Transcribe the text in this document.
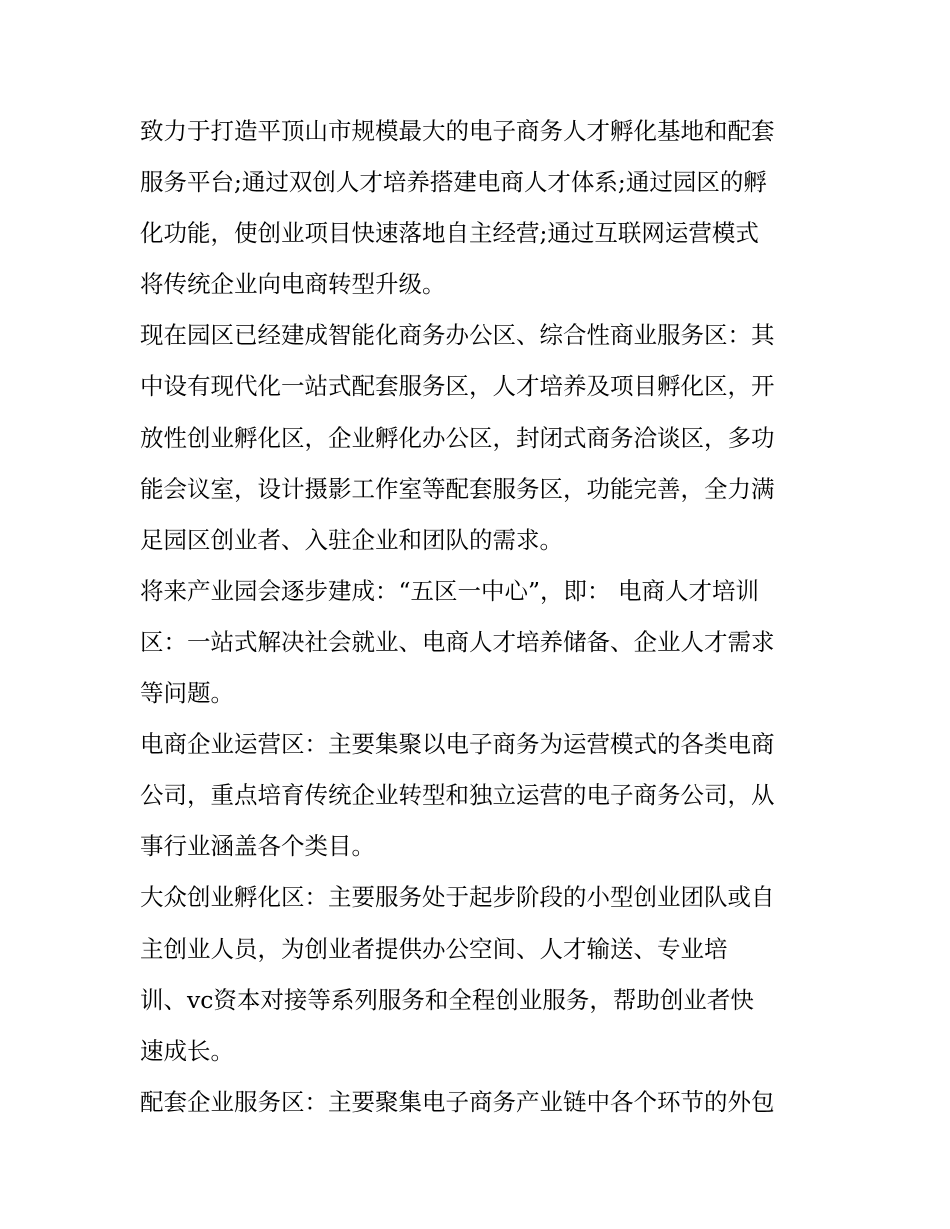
致力于打造平顶山市规模最大的电子商务人才孵化基地和配套
服务平台;通过双创人才培养搭建电商人才体系;通过园区的孵
化功能，使创业项目快速落地自主经营;通过互联网运营模式
将传统企业向电商转型升级。
现在园区已经建成智能化商务办公区、综合性商业服务区：其
中设有现代化一站式配套服务区，人才培养及项目孵化区，开
放性创业孵化区，企业孵化办公区，封闭式商务洽谈区，多功
能会议室，设计摄影工作室等配套服务区，功能完善，全力满
足园区创业者、入驻企业和团队的需求。
将来产业园会逐步建成：“五区一中心”，即： 电商人才培训
区：一站式解决社会就业、电商人才培养储备、企业人才需求
等问题。
电商企业运营区：主要集聚以电子商务为运营模式的各类电商
公司，重点培育传统企业转型和独立运营的电子商务公司，从
事行业涵盖各个类目。
大众创业孵化区：主要服务处于起步阶段的小型创业团队或自
主创业人员，为创业者提供办公空间、人才输送、专业培
训、vc资本对接等系列服务和全程创业服务，帮助创业者快
速成长。
配套企业服务区：主要聚集电子商务产业链中各个环节的外包
